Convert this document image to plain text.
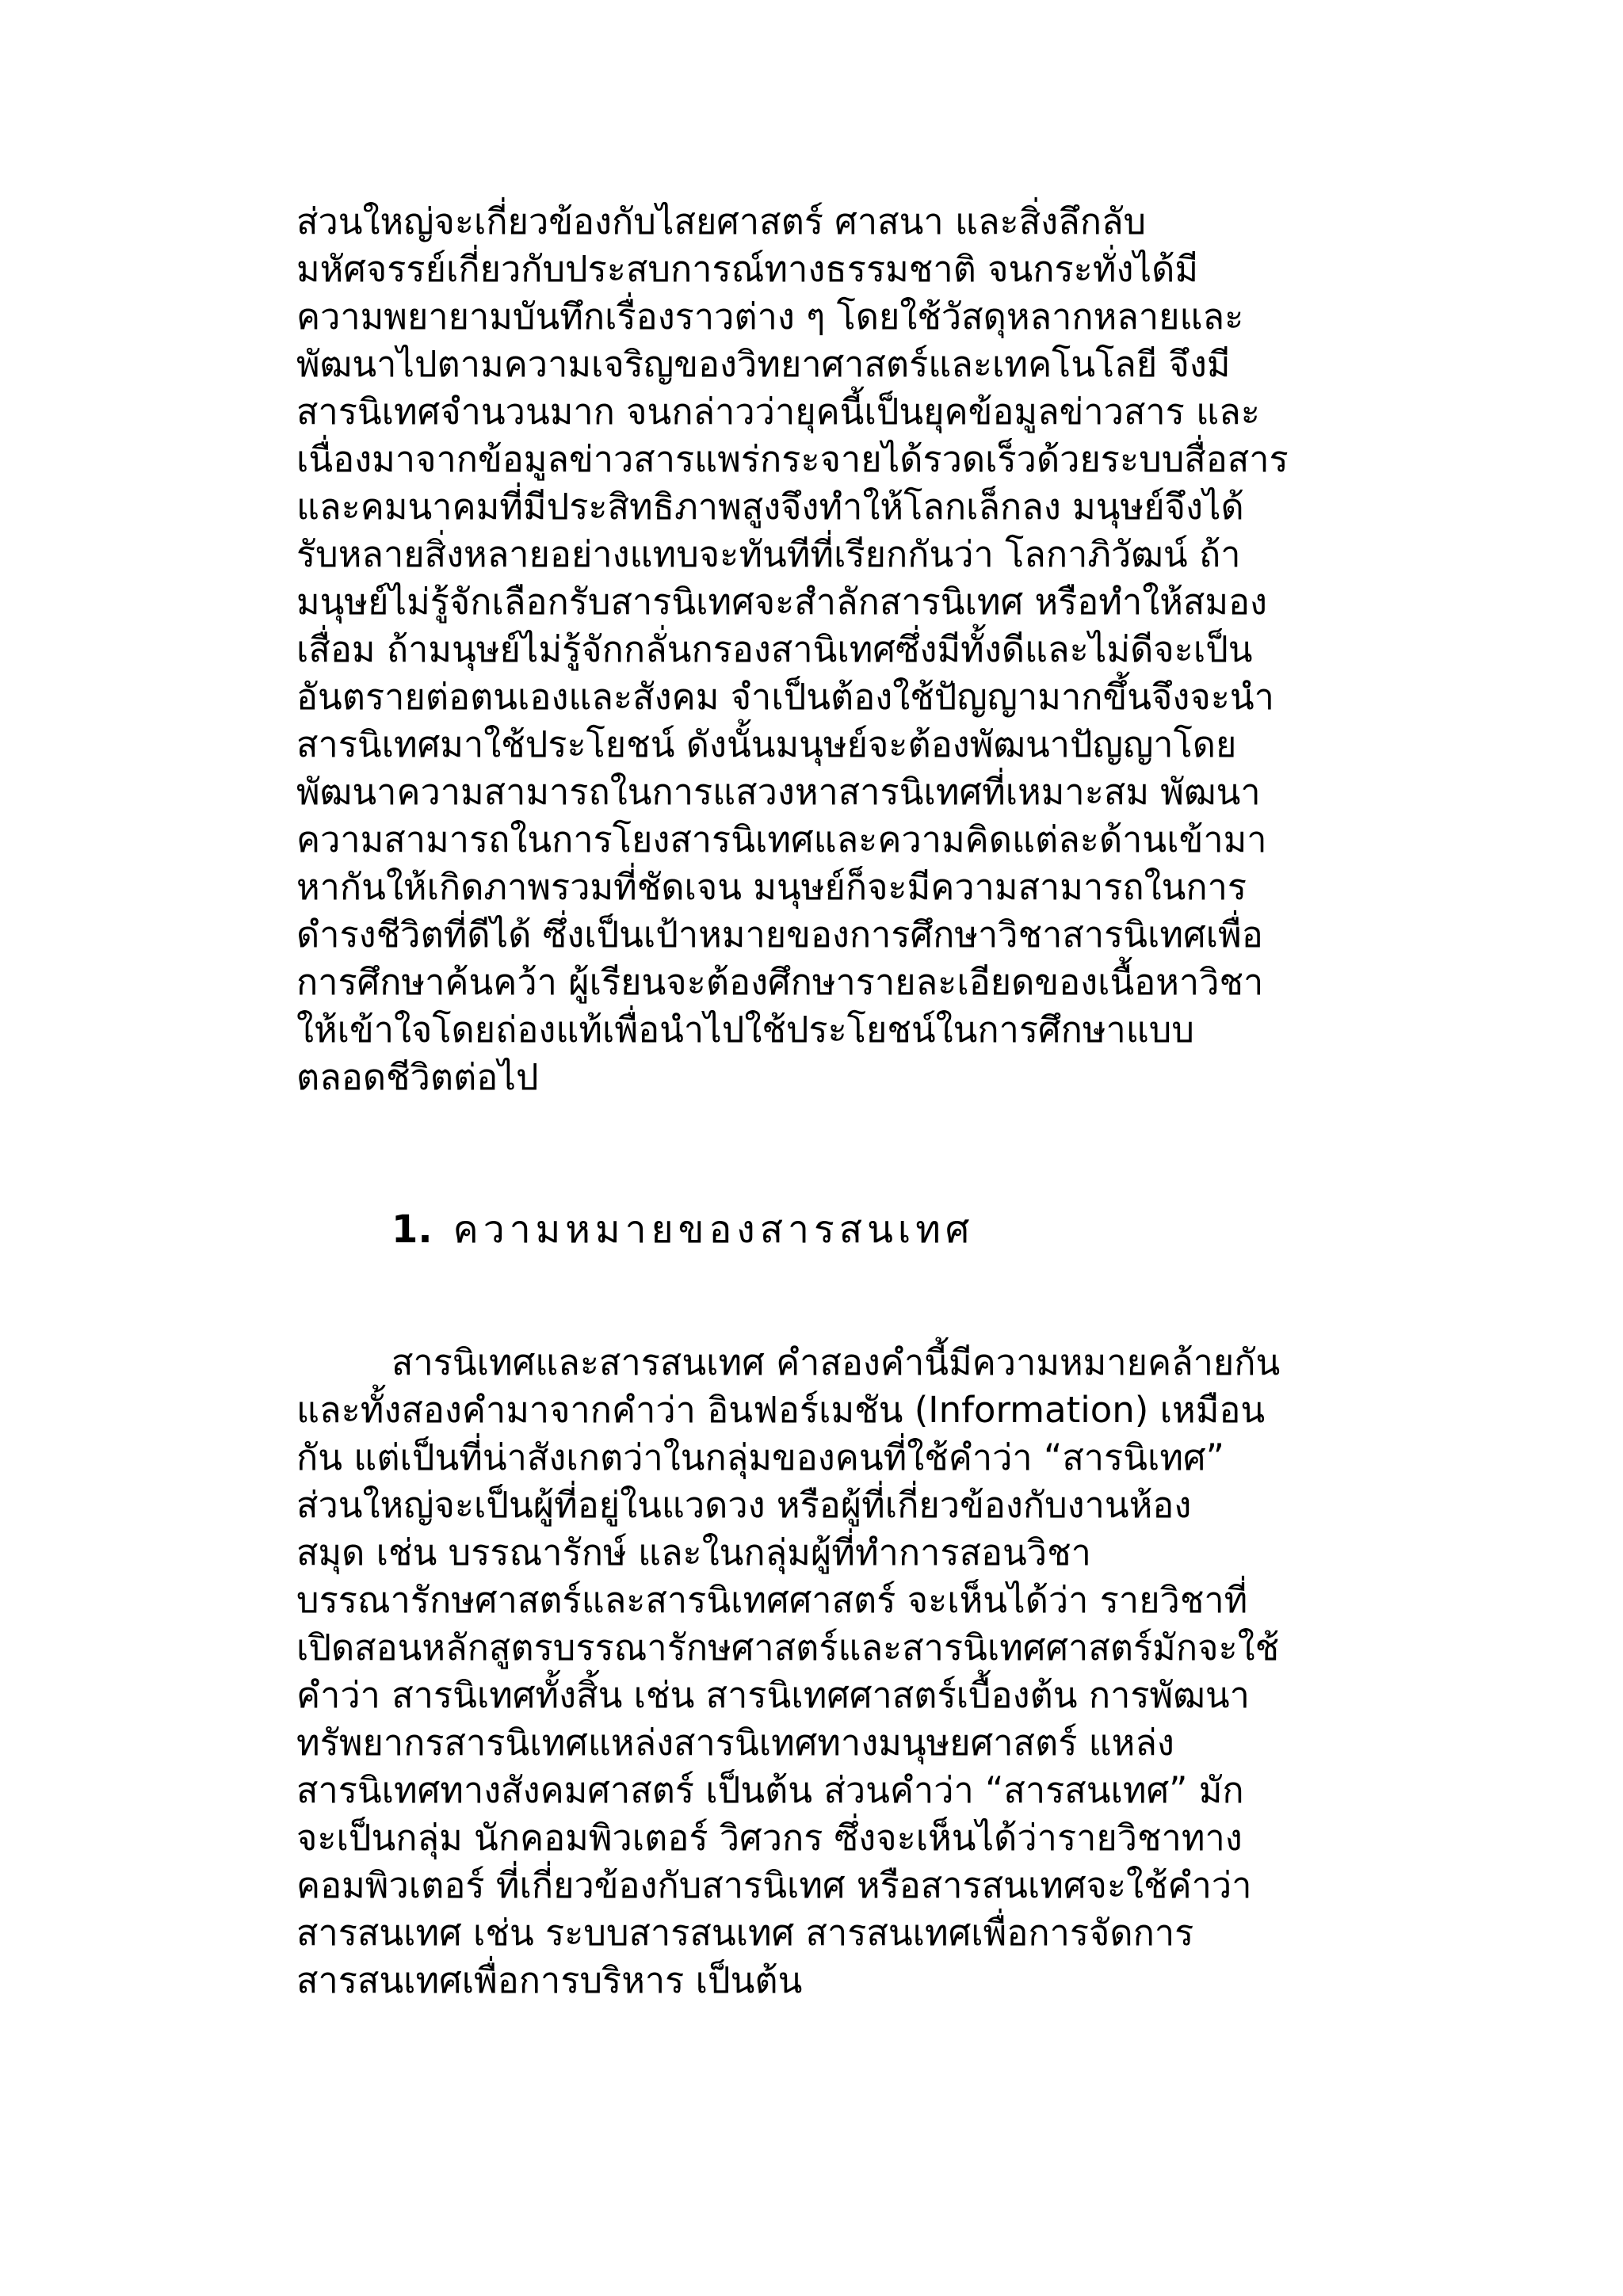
ส่วนใหญ่จะเกี่ยวข้องกับไสยศาสตร์ ศาสนา และสิ่งลึกลับ
มหัศจรรย์เกี่ยวกับประสบการณ์ทางธรรมชาติ จนกระทั่งได้มี
ความพยายามบันทึกเรื่องราวต่าง ๆ โดยใช้วัสดุหลากหลายและ
พัฒนาไปตามความเจริญของวิทยาศาสตร์และเทคโนโลยี จึงมี
สารนิเทศจำนวนมาก จนกล่าวว่ายุคนี้เป็นยุคข้อมูลข่าวสาร และ
เนื่องมาจากข้อมูลข่าวสารแพร่กระจายได้รวดเร็วด้วยระบบสื่อสาร
และคมนาคมที่มีประสิทธิภาพสูงจึงทำให้โลกเล็กลง มนุษย์จึงได้
รับหลายสิ่งหลายอย่างแทบจะทันทีที่เรียกกันว่า โลกาภิวัฒน์ ถ้า
มนุษย์ไม่รู้จักเลือกรับสารนิเทศจะสำลักสารนิเทศ หรือทำให้สมอง
เสื่อม ถ้ามนุษย์ไม่รู้จักกลั่นกรองสานิเทศซึ่งมีทั้งดีและไม่ดีจะเป็น
อันตรายต่อตนเองและสังคม จำเป็นต้องใช้ปัญญามากขึ้นจึงจะนำ
สารนิเทศมาใช้ประโยชน์ ดังนั้นมนุษย์จะต้องพัฒนาปัญญาโดย
พัฒนาความสามารถในการแสวงหาสารนิเทศที่เหมาะสม พัฒนา
ความสามารถในการโยงสารนิเทศและความคิดแต่ละด้านเข้ามา
หากันให้เกิดภาพรวมที่ชัดเจน มนุษย์ก็จะมีความสามารถในการ
ดำรงชีวิตที่ดีได้ ซึ่งเป็นเป้าหมายของการศึกษาวิชาสารนิเทศเพื่อ
การศึกษาค้นคว้า ผู้เรียนจะต้องศึกษารายละเอียดของเนื้อหาวิชา
ให้เข้าใจโดยถ่องแท้เพื่อนำไปใช้ประโยชน์ในการศึกษาแบบ
ตลอดชีวิตต่อไป
1. ความหมายของสารสนเทศ
สารนิเทศและสารสนเทศ คำสองคำนี้มีความหมายคล้ายกัน
และทั้งสองคำมาจากคำว่า อินฟอร์เมชัน (Information) เหมือน
กัน แต่เป็นที่น่าสังเกตว่าในกลุ่มของคนที่ใช้คำว่า “สารนิเทศ”
ส่วนใหญ่จะเป็นผู้ที่อยู่ในแวดวง หรือผู้ที่เกี่ยวข้องกับงานห้อง
สมุด เช่น บรรณารักษ์ และในกลุ่มผู้ที่ทำการสอนวิชา
บรรณารักษศาสตร์และสารนิเทศศาสตร์ จะเห็นได้ว่า รายวิชาที่
เปิดสอนหลักสูตรบรรณารักษศาสตร์และสารนิเทศศาสตร์มักจะใช้
คำว่า สารนิเทศทั้งสิ้น เช่น สารนิเทศศาสตร์เบื้องต้น การพัฒนา
ทรัพยากรสารนิเทศแหล่งสารนิเทศทางมนุษยศาสตร์ แหล่ง
สารนิเทศทางสังคมศาสตร์ เป็นต้น ส่วนคำว่า “สารสนเทศ” มัก
จะเป็นกลุ่ม นักคอมพิวเตอร์ วิศวกร ซึ่งจะเห็นได้ว่ารายวิชาทาง
คอมพิวเตอร์ ที่เกี่ยวข้องกับสารนิเทศ หรือสารสนเทศจะใช้คำว่า
สารสนเทศ เช่น ระบบสารสนเทศ สารสนเทศเพื่อการจัดการ
สารสนเทศเพื่อการบริหาร เป็นต้น
